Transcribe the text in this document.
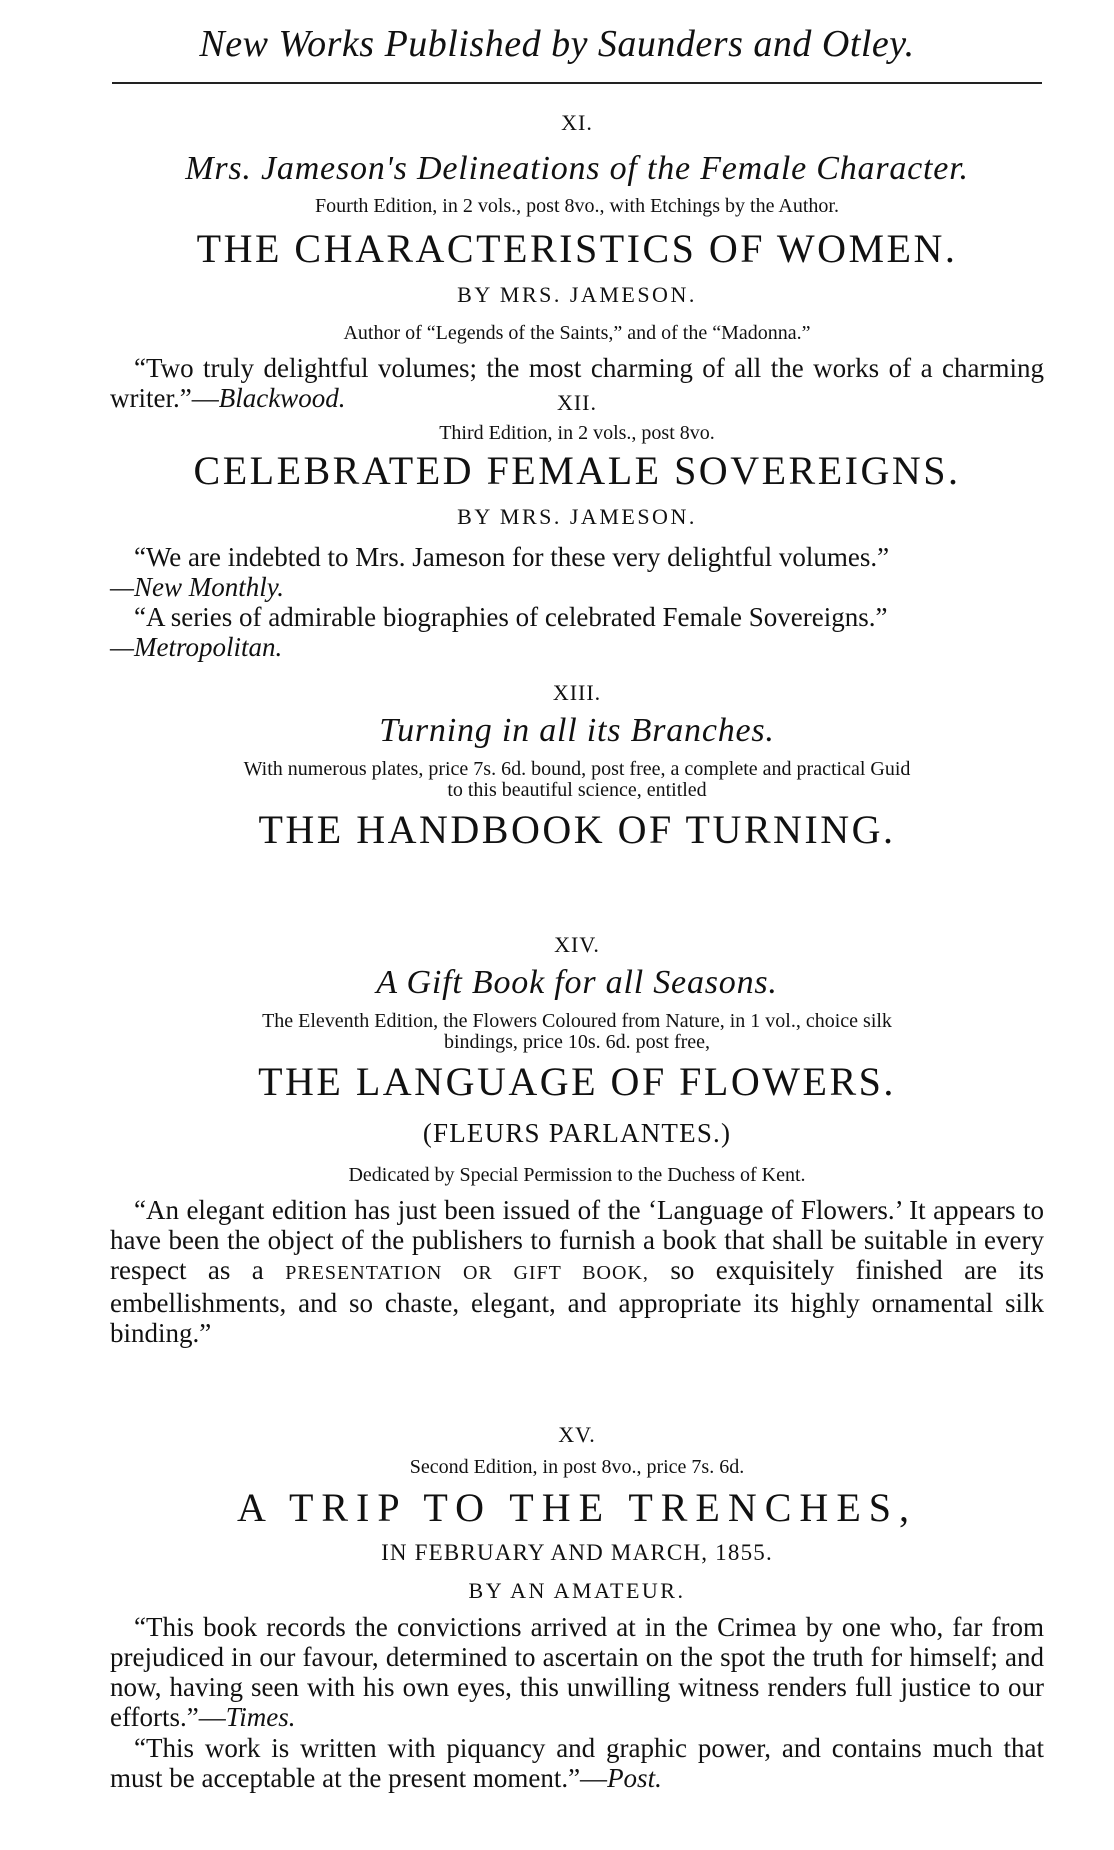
New Works Published by Saunders and Otley.
XI.
Mrs. Jameson's Delineations of the Female Character.
Fourth Edition, in 2 vols., post 8vo., with Etchings by the Author.
THE CHARACTERISTICS OF WOMEN.
BY MRS. JAMESON.
Author of “Legends of the Saints,” and of the “Madonna.”
“Two truly delightful volumes; the most charming of all the works of a charming writer.”—Blackwood.	XII.
Third Edition, in 2 vols., post 8vo.
CELEBRATED FEMALE SOVEREIGNS.
BY MRS. JAMESON.
“We are indebted to Mrs. Jameson for these very delightful volumes.”
—New Monthly.
“A series of admirable biographies of celebrated Female Sovereigns.”
—Metropolitan.
XIII.
Turning in all its Branches.
With numerous plates, price 7s. 6d. bound, post free, a complete and practical Guid
to this beautiful science, entitled
THE HANDBOOK OF TURNING.
XIV.
A Gift Book for all Seasons.
The Eleventh Edition, the Flowers Coloured from Nature, in 1 vol., choice silk
bindings, price 10s. 6d. post free,
THE LANGUAGE OF FLOWERS.
(FLEURS PARLANTES.)
Dedicated by Special Permission to the Duchess of Kent.
“An elegant edition has just been issued of the ‘Language of Flowers.’ It appears to have been the object of the publishers to furnish a book that shall be suitable in every respect as a PRESENTATION OR GIFT BOOK, so exquisitely finished are its embellishments, and so chaste, elegant, and appropriate its highly ornamental silk binding.”
XV.
Second Edition, in post 8vo., price 7s. 6d.
A TRIP TO THE TRENCHES,
IN FEBRUARY AND MARCH, 1855.
BY AN AMATEUR.
“This book records the convictions arrived at in the Crimea by one who, far from prejudiced in our favour, determined to ascertain on the spot the truth for himself; and now, having seen with his own eyes, this unwilling witness renders full justice to our efforts.”—Times.
“This work is written with piquancy and graphic power, and contains much that must be acceptable at the present moment.”—Post.
